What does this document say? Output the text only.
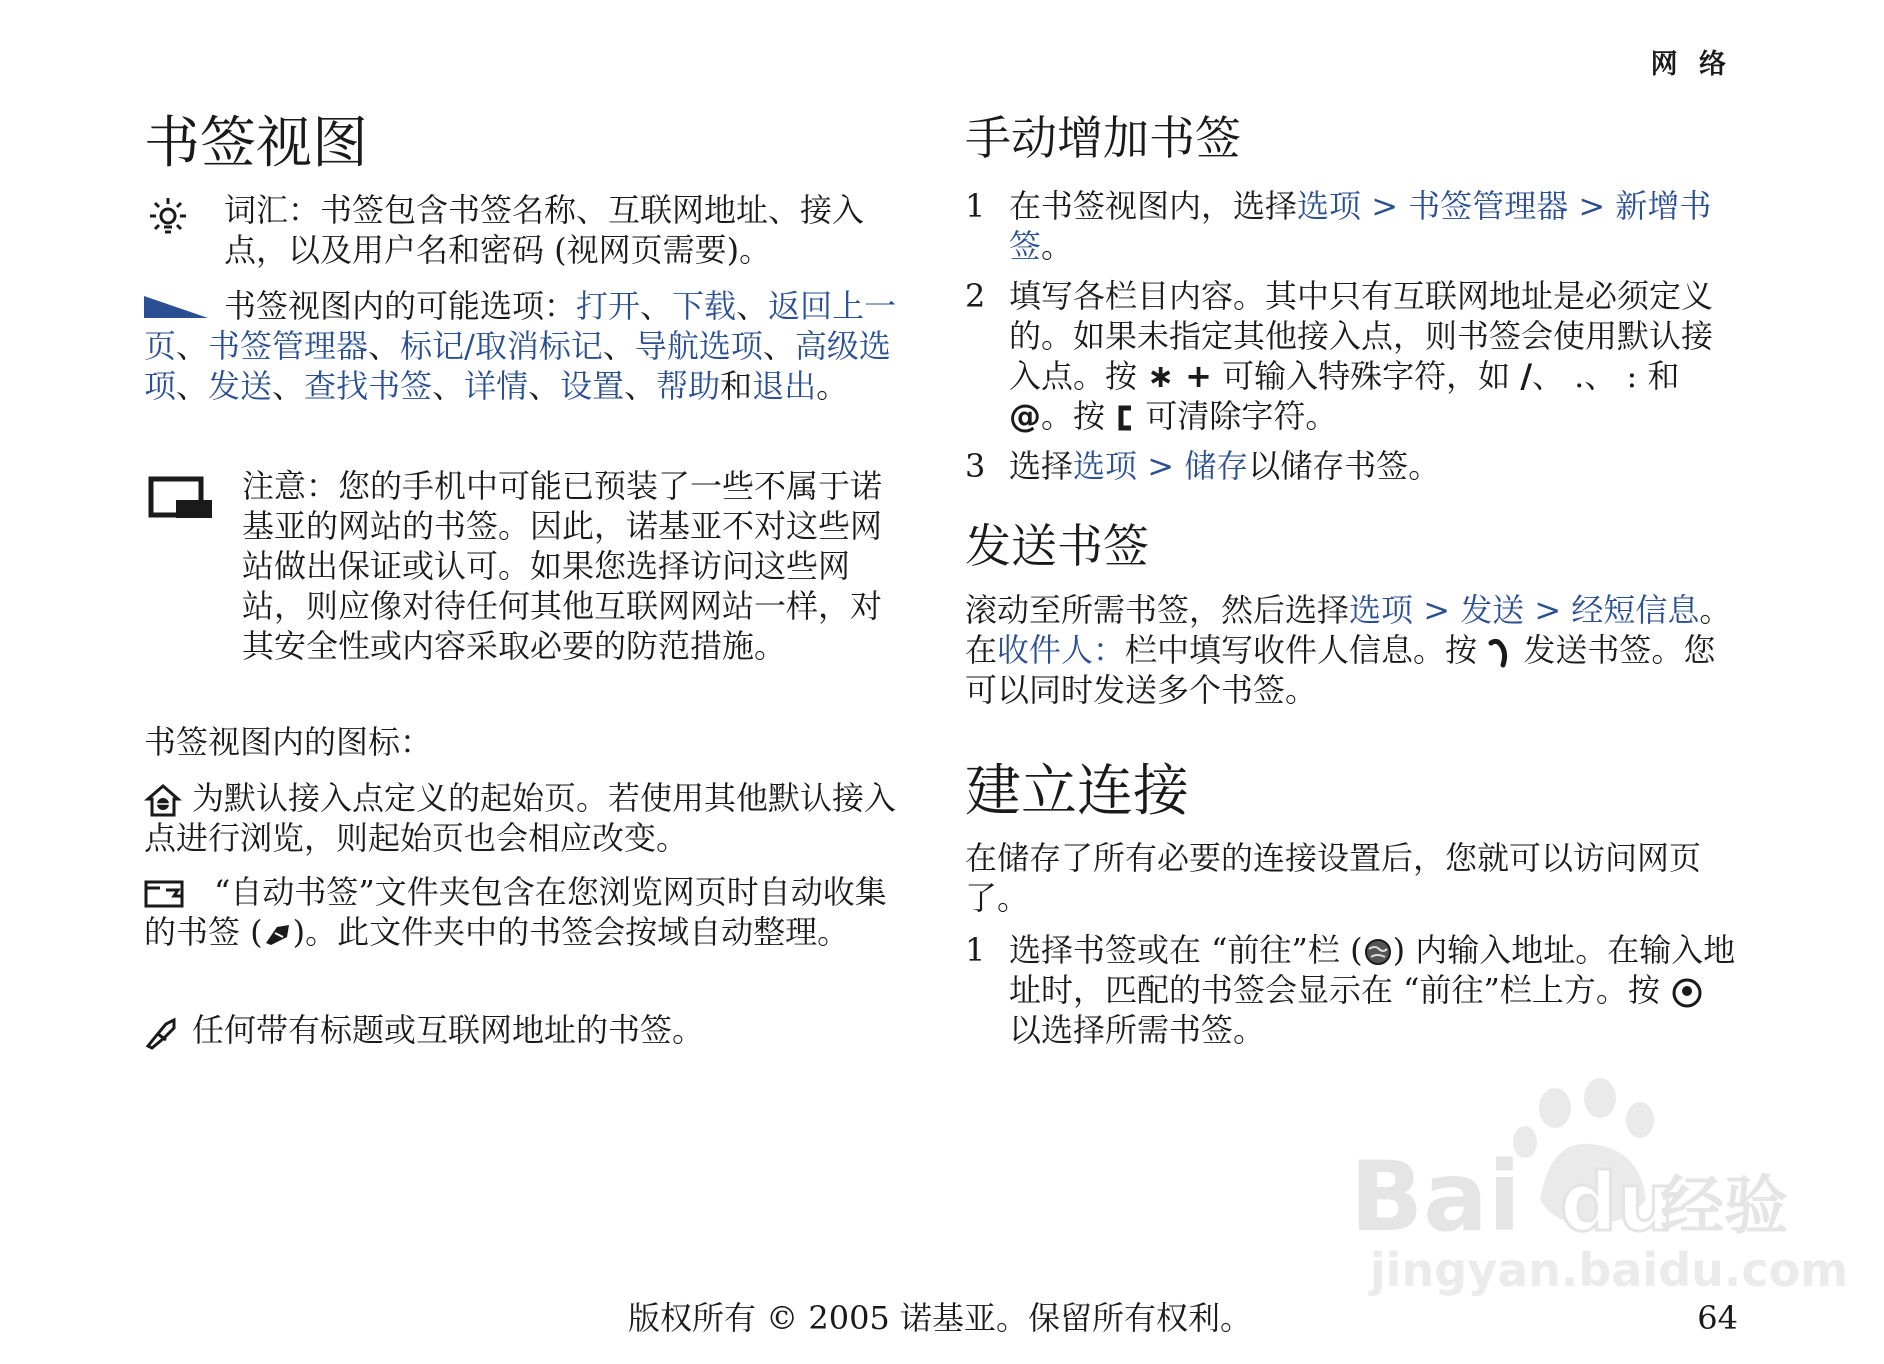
网 络
书签视图

词汇：书签包含书签名称、互联网地址、接入点，以及用户名和密码 (视网页需要)。

书签视图内的可能选项：打开、下载、返回上一页、书签管理器、标记/取消标记、导航选项、高级选项、发送、查找书签、详情、设置、帮助和退出。

注意：您的手机中可能已预装了一些不属于诺基亚的网站的书签。因此，诺基亚不对这些网站做出保证或认可。如果您选择访问这些网站，则应像对待任何其他互联网网站一样，对其安全性或内容采取必要的防范措施。

书签视图内的图标：

为默认接入点定义的起始页。若使用其他默认接入点进行浏览，则起始页也会相应改变。

“自动书签”文件夹包含在您浏览网页时自动收集的书签 ( )。此文件夹中的书签会按域自动整理。

任何带有标题或互联网地址的书签。

手动增加书签
1 在书签视图内，选择选项 > 书签管理器 > 新增书签。

2 填写各栏目内容。其中只有互联网地址是必须定义的。如果未指定其他接入点，则书签会使用默认接入点。按 ∗ + 可输入特殊字符，如 /、 .、 : 和 @。按  可清除字符。

3 选择选项 > 储存以储存书签。

发送书签

滚动至所需书签，然后选择选项 > 发送 > 经短信息。在收件人：栏中填写收件人信息。按  发送书签。您可以同时发送多个书签。

建立连接

在储存了所有必要的连接设置后，您就可以访问网页了。

1 选择书签或在 “前往”栏 ( ) 内输入地址。在输入地址时，匹配的书签会显示在 “前往”栏上方。按  以选择所需书签。

Bai du
经验
jingyan.baidu.com
版权所有 © 2005 诺基亚。保留所有权利。	64
